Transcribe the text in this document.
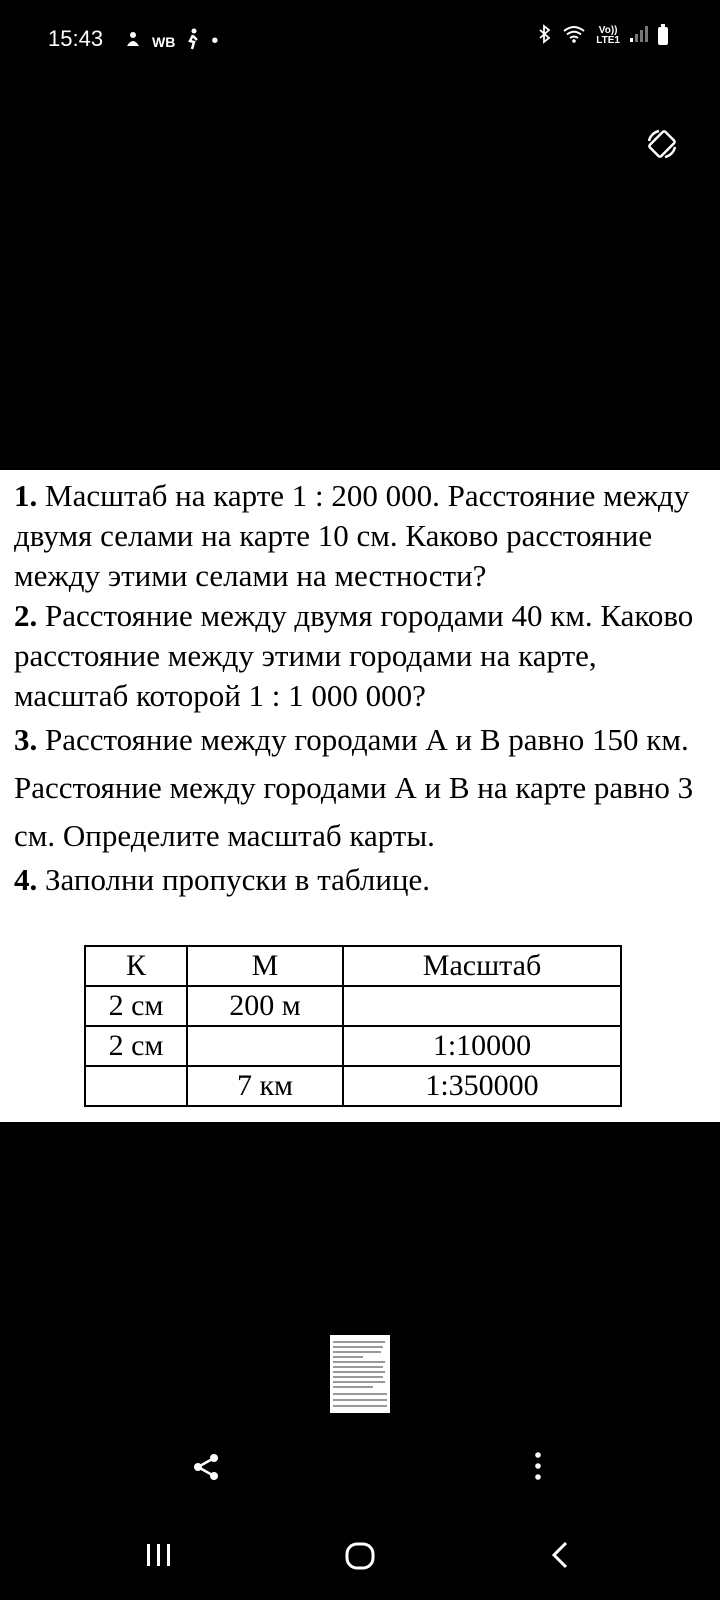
15:43	WB •	Vo))
LTE1

1. Масштаб на карте 1 : 200 000. Расстояние между двумя селами на карте 10 см. Каково расстояние между этими селами на местности?

2. Расстояние между двумя городами 40 км. Каково расстояние между этими городами на карте, масштаб которой 1 : 1 000 000?

3. Расстояние между городами А и В равно 150 км. Расстояние между городами А и В на карте равно 3 см. Определите масштаб карты.

4. Заполни пропуски в таблице.

К	М	Масштаб
2 см	200 м	
2 см		1:10000
	7 км	1:350000
